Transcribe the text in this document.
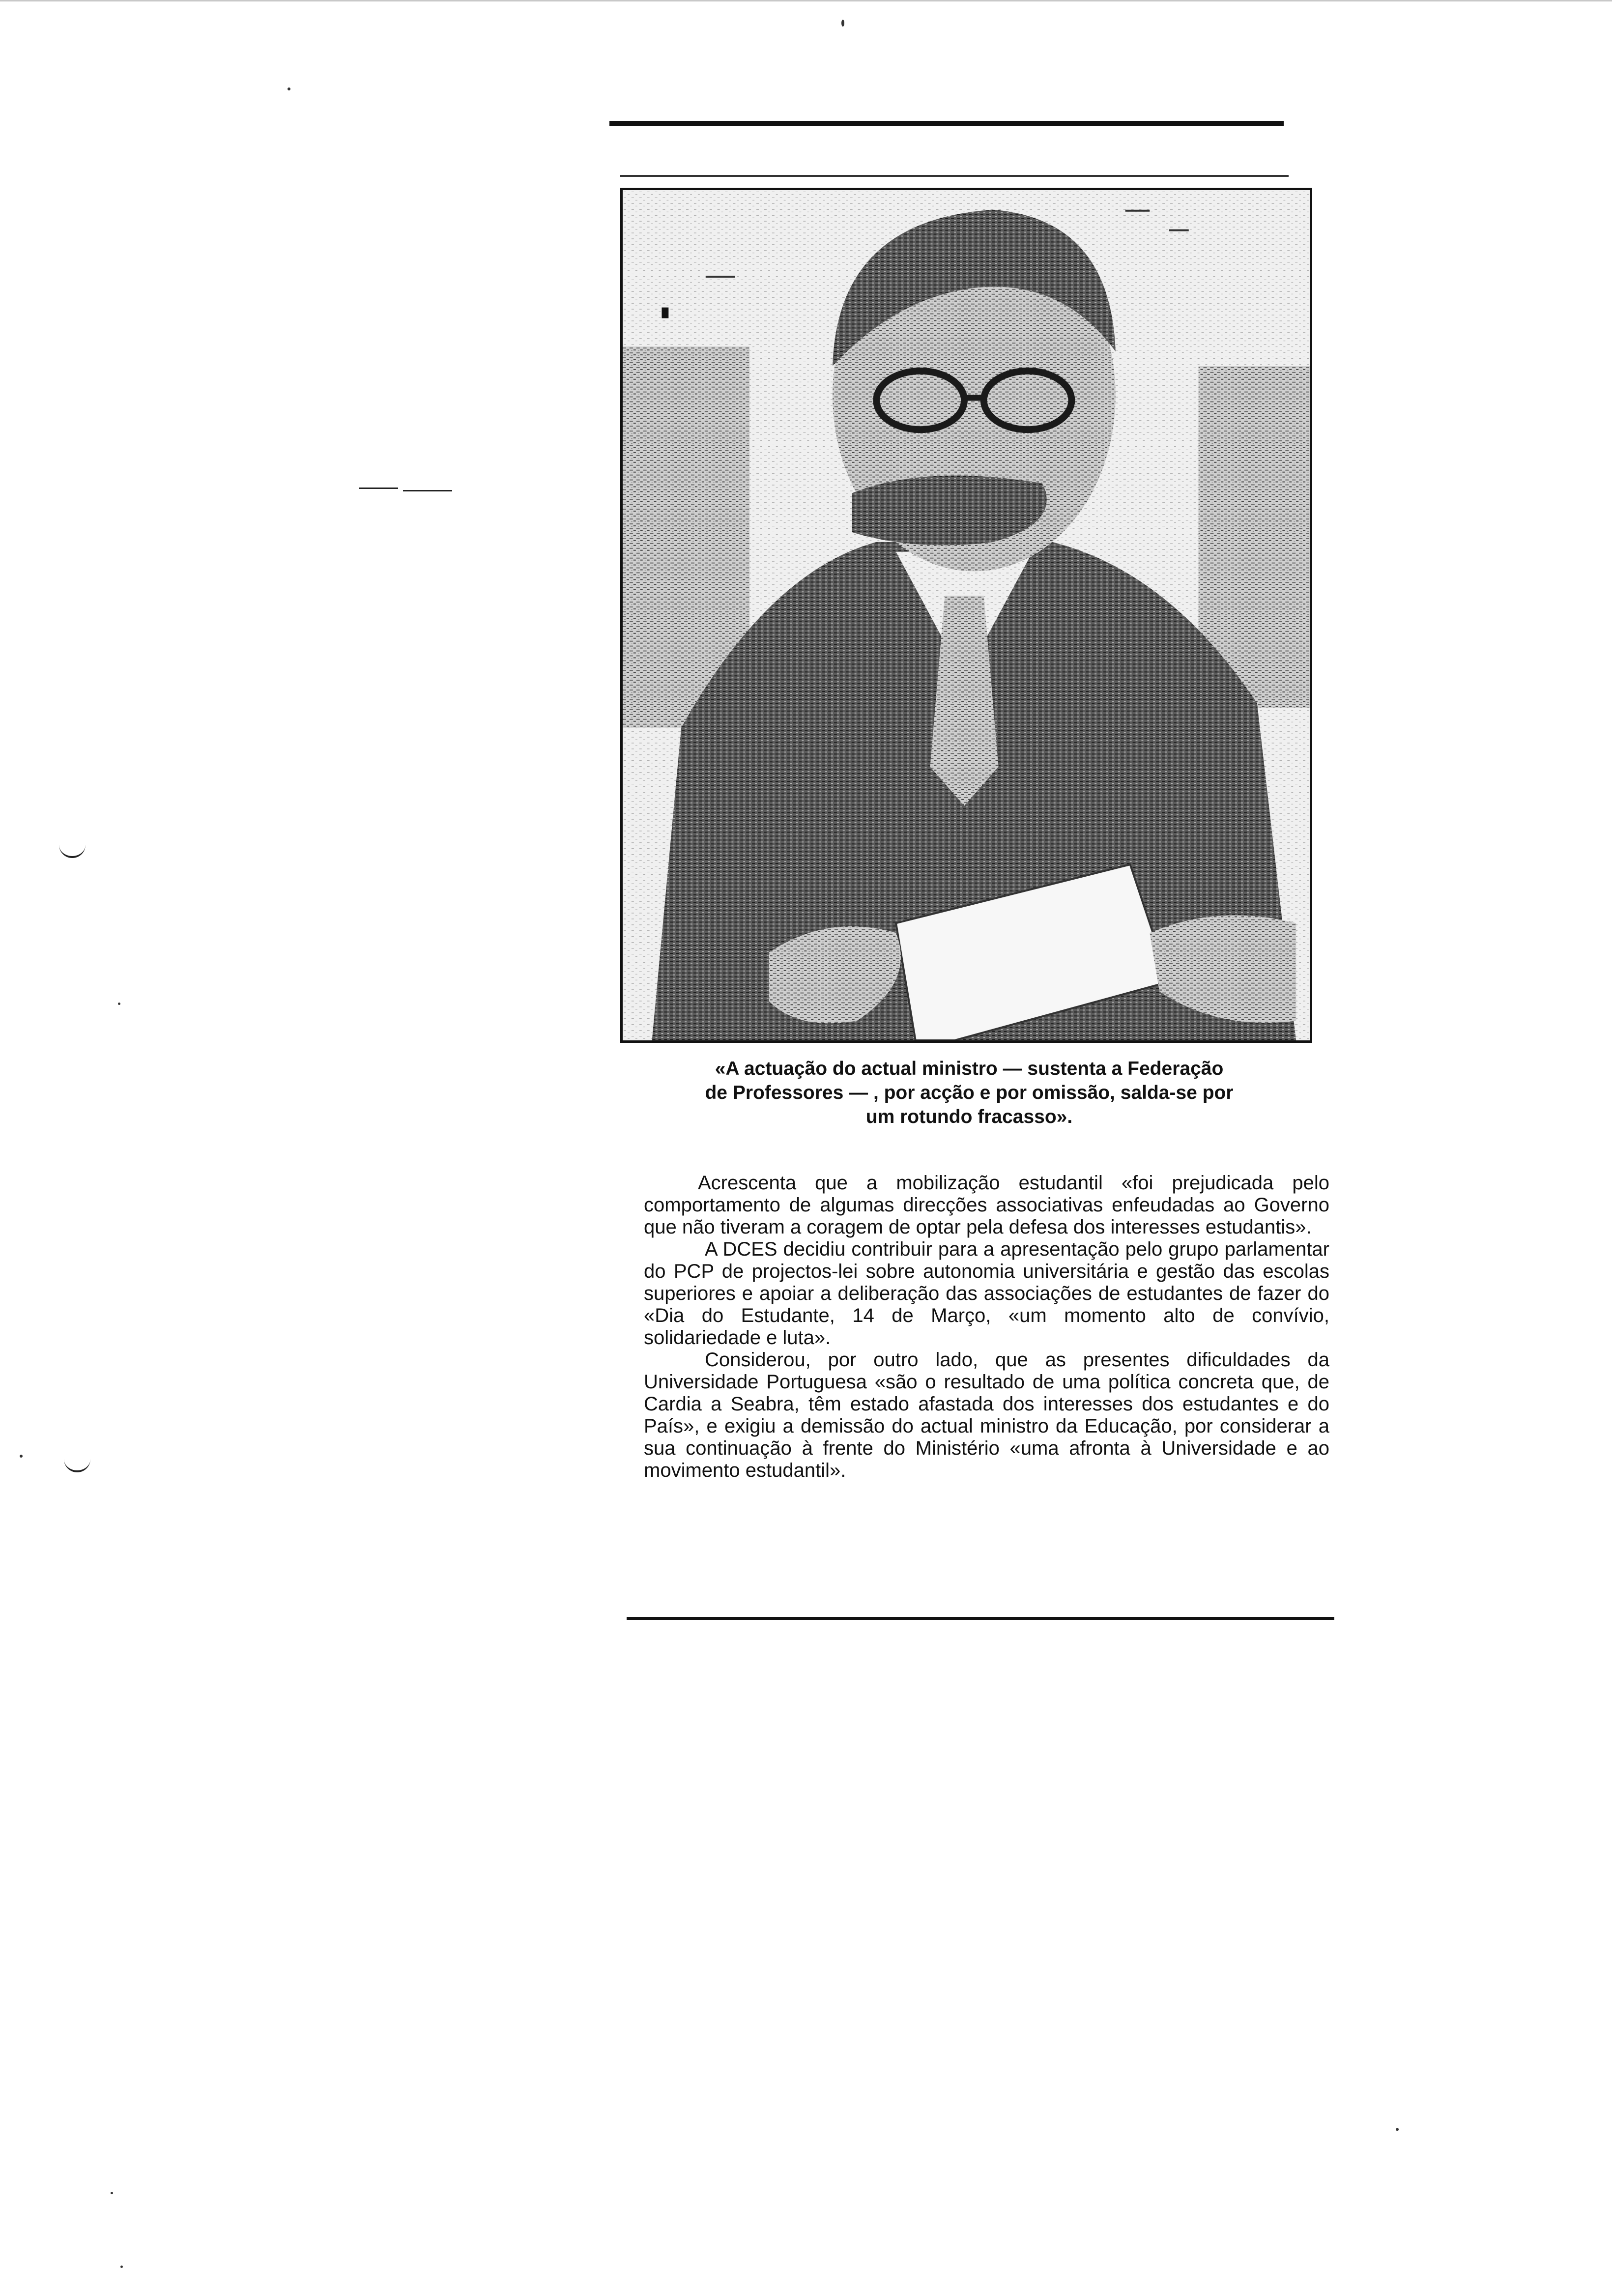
«A actuação do actual ministro — sustenta a Federação
de Professores — , por acção e por omissão, salda-se por
um rotundo fracasso».

Acrescenta que a mobilização estudantil «foi prejudicada pelo comportamento de algumas direcções associativas enfeudadas ao Governo que não tiveram a coragem de optar pela defesa dos interesses estudantis».

A DCES decidiu contribuir para a apresentação pelo grupo parlamentar do PCP de projectos-lei sobre autonomia universitária e gestão das escolas superiores e apoiar a deliberação das associações de estudantes de fazer do «Dia do Estudante, 14 de Março, «um momento alto de convívio, solidariedade e luta».

Considerou, por outro lado, que as presentes dificuldades da Universidade Portuguesa «são o resultado de uma política concreta que, de Cardia a Seabra, têm estado afastada dos interesses dos estudantes e do País», e exigiu a demissão do actual ministro da Educação, por considerar a sua continuação à frente do Ministério «uma afronta à Universidade e ao movimento estudantil».
